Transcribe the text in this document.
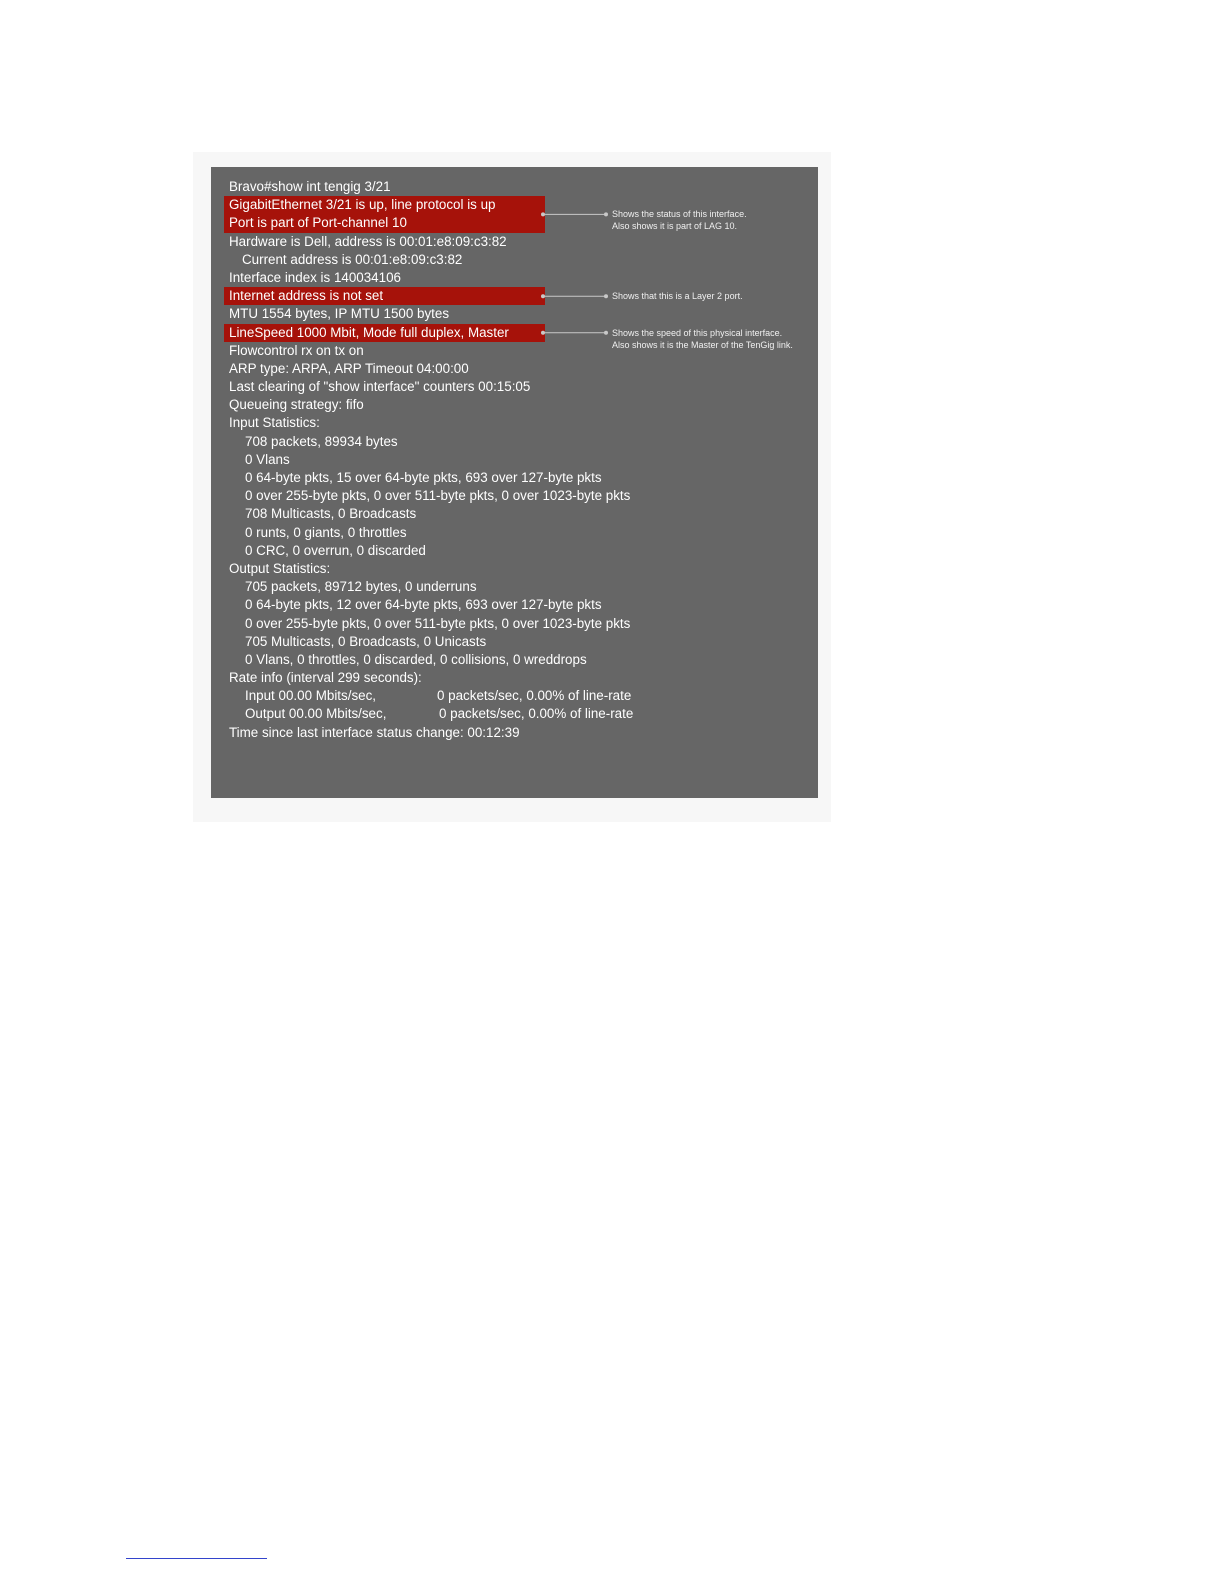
Bravo#show int tengig 3/21
GigabitEthernet 3/21 is up, line protocol is up
Port is part of Port-channel 10
Hardware is Dell, address is 00:01:e8:09:c3:82
Current address is 00:01:e8:09:c3:82
Interface index is 140034106
Internet address is not set
MTU 1554 bytes, IP MTU 1500 bytes
LineSpeed 1000 Mbit, Mode full duplex, Master
Flowcontrol rx on tx on
ARP type: ARPA, ARP Timeout 04:00:00
Last clearing of "show interface" counters 00:15:05
Queueing strategy: fifo
Input Statistics:
708 packets, 89934 bytes
0 Vlans
0 64-byte pkts, 15 over 64-byte pkts, 693 over 127-byte pkts
0 over 255-byte pkts, 0 over 511-byte pkts, 0 over 1023-byte pkts
708 Multicasts, 0 Broadcasts
0 runts, 0 giants, 0 throttles
0 CRC, 0 overrun, 0 discarded
Output Statistics:
705 packets, 89712 bytes, 0 underruns
0 64-byte pkts, 12 over 64-byte pkts, 693 over 127-byte pkts
0 over 255-byte pkts, 0 over 511-byte pkts, 0 over 1023-byte pkts
705 Multicasts, 0 Broadcasts, 0 Unicasts
0 Vlans, 0 throttles, 0 discarded, 0 collisions, 0 wreddrops
Rate info (interval 299 seconds):
Input 00.00 Mbits/sec,	0 packets/sec, 0.00% of line-rate
Output 00.00 Mbits/sec,	0 packets/sec, 0.00% of line-rate
Time since last interface status change: 00:12:39
Shows the status of this interface.
Also shows it is part of LAG 10.
Shows that this is a Layer 2 port.
Shows the speed of this physical interface.
Also shows it is the Master of the TenGig link.
